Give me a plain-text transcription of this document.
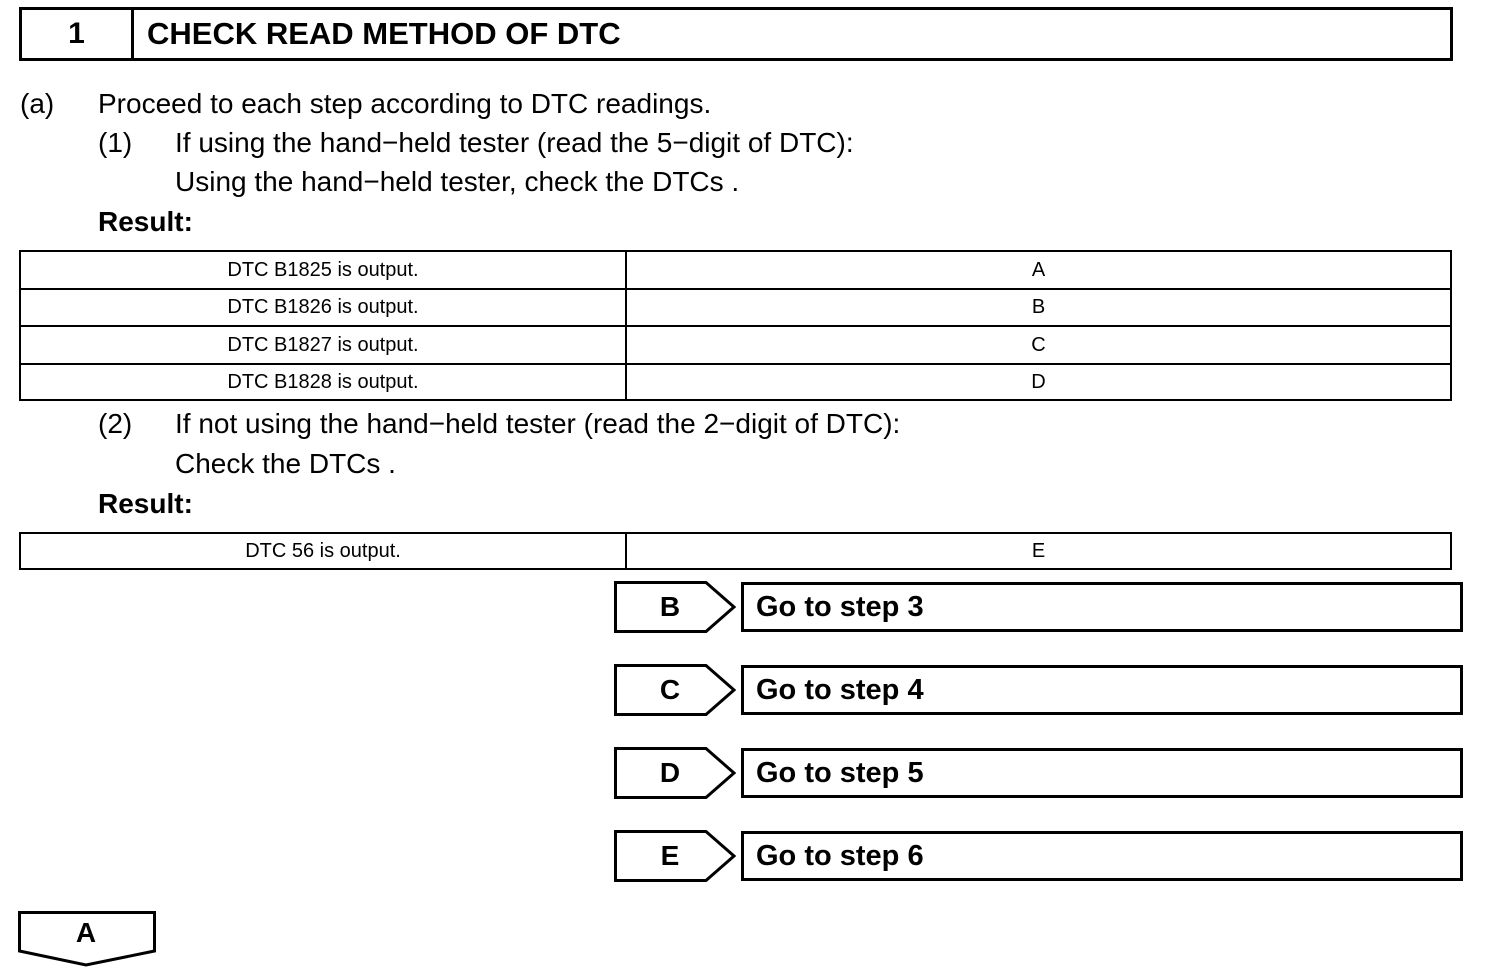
1	CHECK READ METHOD OF DTC
(a) Proceed to each step according to DTC readings.
(1) If using the hand−held tester (read the 5−digit of DTC):
Using the hand−held tester, check the DTCs .
Result:
DTC B1825 is output.	A
DTC B1826 is output.	B
DTC B1827 is output.	C
DTC B1828 is output.	D
(2) If not using the hand−held tester (read the 2−digit of DTC):
Check the DTCs .
Result:
DTC 56 is output.	E
B	Go to step 3
C	Go to step 4
D	Go to step 5
E	Go to step 6
A
